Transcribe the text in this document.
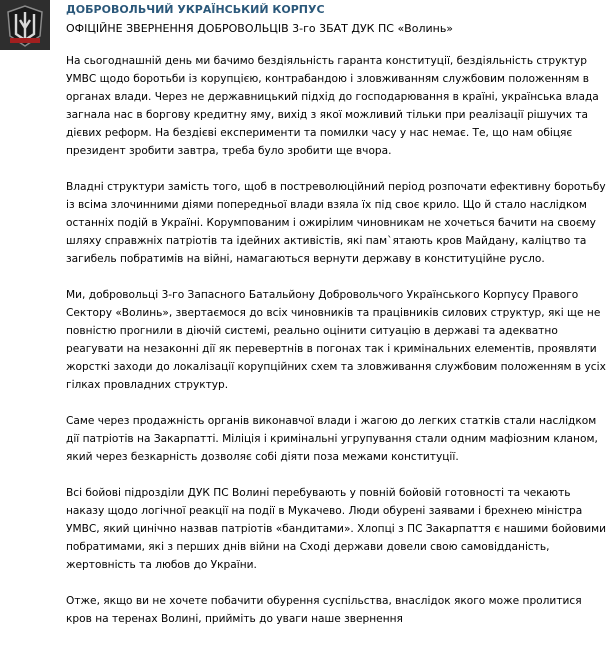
ДОБРОВОЛЬЧИЙ УКРАЇНСЬКИЙ КОРПУС
ОФІЦІЙНЕ ЗВЕРНЕННЯ ДОБРОВОЛЬЦІВ 3-го 3БАТ ДУК ПС «Волинь»

На сьогоднашній день ми бачимо бездіяльність гаранта конституції, бездіяльність структур УМВС щодо боротьби із корупцією, контрабандою і зловживанням службовим положенням в органах влади. Через не державницький підхід до господарювання в країні, українська влада загнала нас в боргову кредитну яму, вихід з якої можливий тільки при реалізації рішучих та дієвих реформ. На бездієві експерименти та помилки часу у нас немає. Те, що нам обіцяє президент зробити завтра, треба було зробити ще вчора.

Владні структури замість того, щоб в постреволюційний період розпочати ефективну боротьбу із всіма злочинними діями попередньої влади взяла їх під своє крило. Що й стало наслідком останніх подій в Україні. Корумпованим і ожирілим чиновникам не хочеться бачити на своєму шляху справжніх патріотів та ідейних активістів, які пам`ятають кров Майдану, каліцтво та загибель побратимів на війні, намагаються вернути державу в конституційне русло.

Ми, добровольці 3-го Запасного Батальйону Добровольчого Українського Корпусу Правого Сектору «Волинь», звертаємося до всіх чиновників та працівників силових структур, які ще не повністю прогнили в діючій системі, реально оцінити ситуацію в державі та адекватно реагувати на незаконні дії як перевертнів в погонах так і кримінальних елементів, проявляти жорсткі заходи до локалізації корупційних схем та зловживання службовим положенням в усіх гілках провладних структур.

Саме через продажність органів виконавчої влади і жагою до легких статків стали наслідком дії патріотів на Закарпатті. Міліція і кримінальні угрупування стали одним мафіозним кланом, який через безкарність дозволяє собі діяти поза межами конституції.

Всі бойові підрозділи ДУК ПС Волині перебувають у повній бойовій готовності та чекають наказу щодо логічної реакції на події в Мукачево. Люди обурені заявами і брехнею міністра УМВС, який цинічно назвав патріотів «бандитами». Хлопці з ПС Закарпаття є нашими бойовими побратимами, які з перших днів війни на Сході держави довели свою самовідданість, жертовність та любов до України.

Отже, якщо ви не хочете побачити обурення суспільства, внаслідок якого може пролитися кров на теренах Волині, прийміть до уваги наше звернення
